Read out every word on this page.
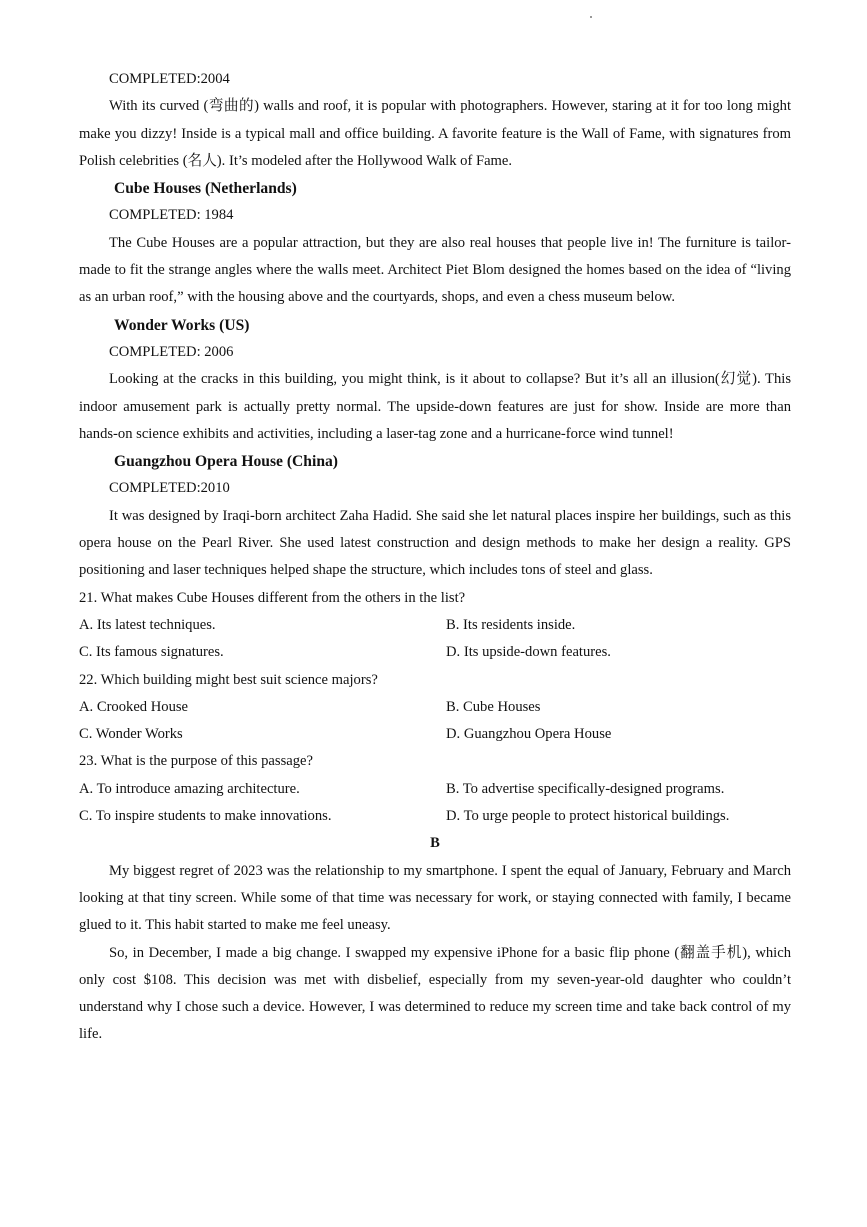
COMPLETED:2004

With its curved (弯曲的) walls and roof, it is popular with photographers. However, staring at it for too long might make you dizzy! Inside is a typical mall and office building. A favorite feature is the Wall of Fame, with signatures from Polish celebrities (名人). It’s modeled after the Hollywood Walk of Fame.

Cube Houses (Netherlands)
COMPLETED: 1984

The Cube Houses are a popular attraction, but they are also real houses that people live in! The furniture is tailor-made to fit the strange angles where the walls meet. Architect Piet Blom designed the homes based on the idea of “living as an urban roof,” with the housing above and the courtyards, shops, and even a chess museum below.

Wonder Works (US)
COMPLETED: 2006

Looking at the cracks in this building, you might think, is it about to collapse? But it’s all an illusion(幻觉). This indoor amusement park is actually pretty normal. The upside-down features are just for show. Inside are more than hands-on science exhibits and activities, including a laser-tag zone and a hurricane-force wind tunnel!

Guangzhou Opera House (China)
COMPLETED:2010

It was designed by Iraqi-born architect Zaha Hadid. She said she let natural places inspire her buildings, such as this opera house on the Pearl River. She used latest construction and design methods to make her design a reality. GPS positioning and laser techniques helped shape the structure, which includes tons of steel and glass.

21. What makes Cube Houses different from the others in the list?
A. Its latest techniques.	B. Its residents inside.
C. Its famous signatures.	D. Its upside-down features.
22. Which building might best suit science majors?
A. Crooked House	B. Cube Houses
C. Wonder Works	D. Guangzhou Opera House
23. What is the purpose of this passage?
A. To introduce amazing architecture.	B. To advertise specifically-designed programs.
C. To inspire students to make innovations.	D. To urge people to protect historical buildings.
B

My biggest regret of 2023 was the relationship to my smartphone. I spent the equal of January, February and March looking at that tiny screen. While some of that time was necessary for work, or staying connected with family, I became glued to it. This habit started to make me feel uneasy.

So, in December, I made a big change. I swapped my expensive iPhone for a basic flip phone (翻盖手机), which only cost $108. This decision was met with disbelief, especially from my seven-year-old daughter who couldn’t understand why I chose such a device. However, I was determined to reduce my screen time and take back control of my life.
